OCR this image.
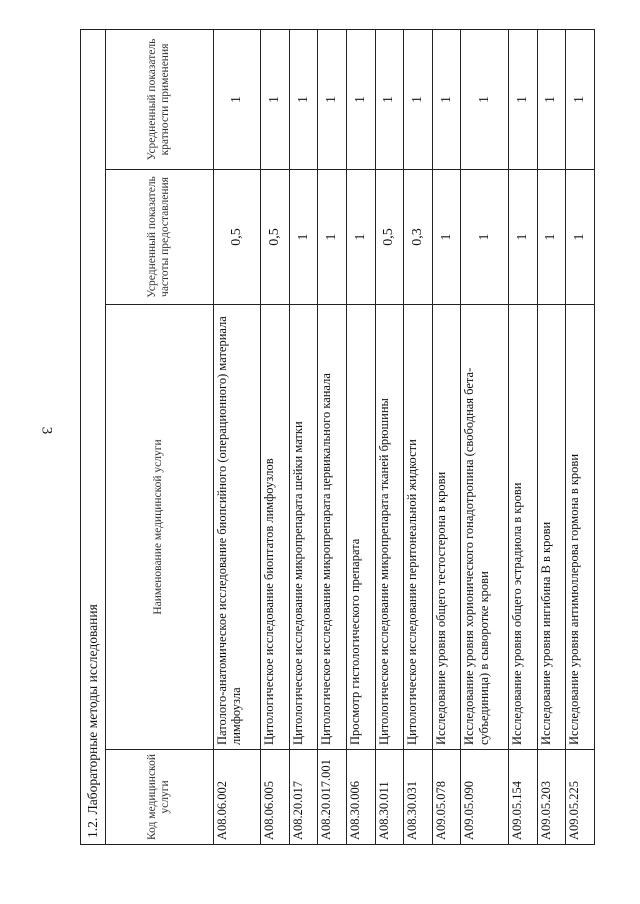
3
1.2. Лабораторные методы исследования			
Код медицинской услуги	Наименование медицинской услуги	Усредненный показатель частоты предоставления	Усредненный показатель кратности применения
A08.06.002	Патолого-анатомическое исследование биопсийного (операционного) материала лимфоузла	0,5	1
A08.06.005	Цитологическое исследование биоптатов лимфоузлов	0,5	1
A08.20.017	Цитологическое исследование микропрепарата шейки матки	1	1
A08.20.017.001	Цитологическое исследование микропрепарата цервикального канала	1	1
A08.30.006	Просмотр гистологического препарата	1	1
A08.30.011	Цитологическое исследование микропрепарата тканей брюшины	0,5	1
A08.30.031	Цитологическое исследование перитонеальной жидкости	0,3	1
A09.05.078	Исследование уровня общего тестостерона в крови	1	1
A09.05.090	Исследование уровня хорионического гонадотропина (свободная бета-субъединица) в сыворотке крови	1	1
A09.05.154	Исследование уровня общего эстрадиола в крови	1	1
A09.05.203	Исследование уровня ингибина B в крови	1	1
A09.05.225	Исследование уровня антимюллерова гормона в крови	1	1
